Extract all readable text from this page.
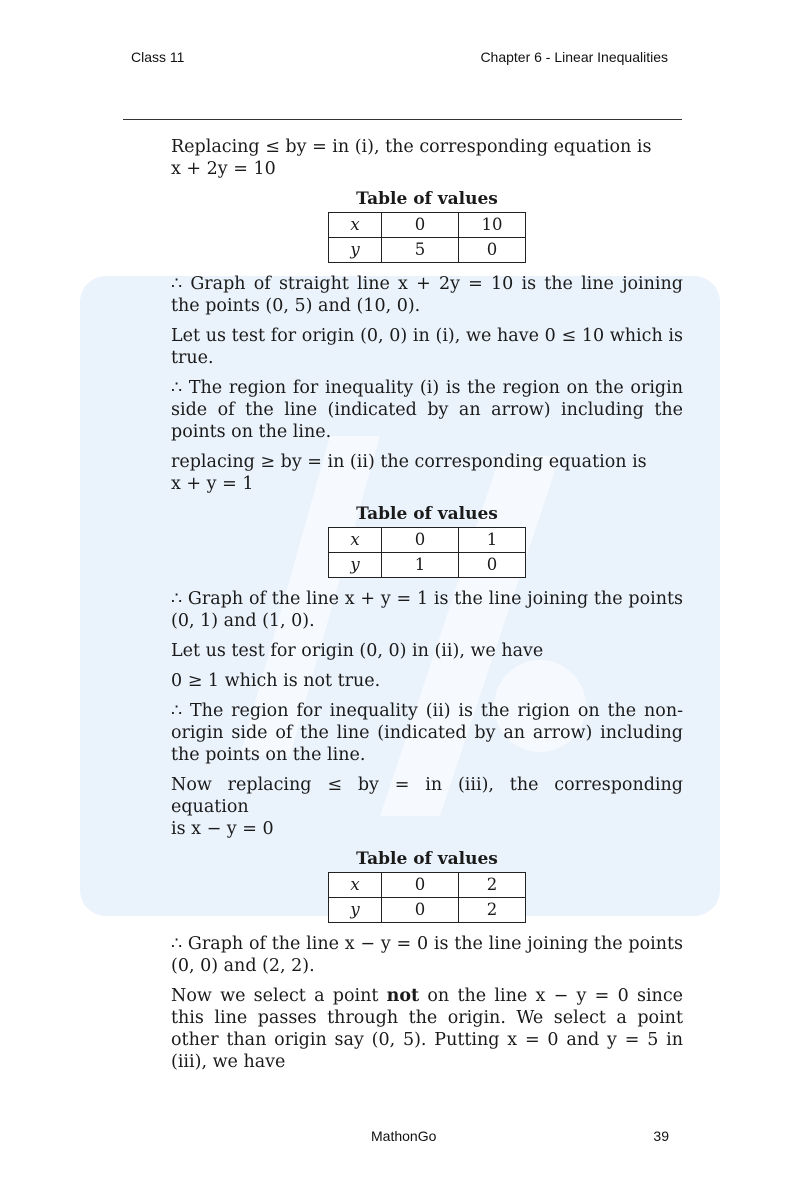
Class 11	Chapter 6 - Linear Inequalities

Replacing ≤ by = in (i), the corresponding equation is

x + 2y = 10

Table of values
x	0	10
y	5	0

∴ Graph of straight line x + 2y = 10 is the line joining the points (0, 5) and (10, 0).

Let us test for origin (0, 0) in (i), we have 0 ≤ 10 which is true.

∴ The region for inequality (i) is the region on the origin side of the line (indicated by an arrow) including the points on the line.

replacing ≥ by = in (ii) the corresponding equation is

x + y = 1

Table of values
x	0	1
y	1	0

∴ Graph of the line x + y = 1 is the line joining the points (0, 1) and (1, 0).

Let us test for origin (0, 0) in (ii), we have

0 ≥ 1 which is not true.

∴ The region for inequality (ii) is the rigion on the non-origin side of the line (indicated by an arrow) including the points on the line.

Now replacing ≤ by = in (iii), the corresponding equation

is x − y = 0

Table of values
x	0	2
y	0	2

∴ Graph of the line x − y = 0 is the line joining the points (0, 0) and (2, 2).

Now we select a point not on the line x − y = 0 since this line passes through the origin. We select a point other than origin say (0, 5). Putting x = 0 and y = 5 in (iii), we have

MathonGo	39
